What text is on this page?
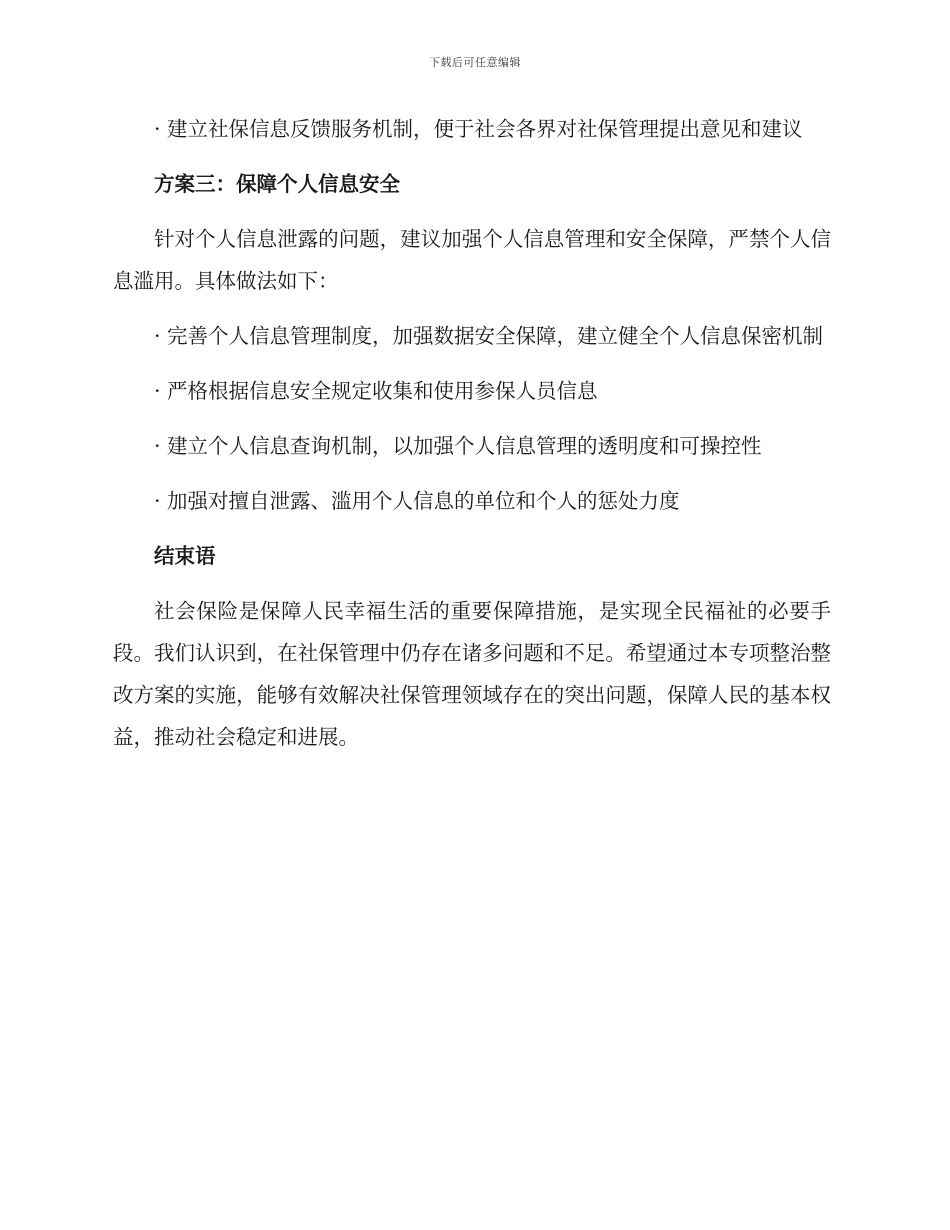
下载后可任意编辑

· 建立社保信息反馈服务机制，便于社会各界对社保管理提出意见和建议

方案三：保障个人信息安全

针对个人信息泄露的问题，建议加强个人信息管理和安全保障，严禁个人信息滥用。具体做法如下：

· 完善个人信息管理制度，加强数据安全保障，建立健全个人信息保密机制

· 严格根据信息安全规定收集和使用参保人员信息

· 建立个人信息查询机制，以加强个人信息管理的透明度和可操控性

· 加强对擅自泄露、滥用个人信息的单位和个人的惩处力度

结束语

社会保险是保障人民幸福生活的重要保障措施，是实现全民福祉的必要手段。我们认识到，在社保管理中仍存在诸多问题和不足。希望通过本专项整治整改方案的实施，能够有效解决社保管理领域存在的突出问题，保障人民的基本权益，推动社会稳定和进展。
